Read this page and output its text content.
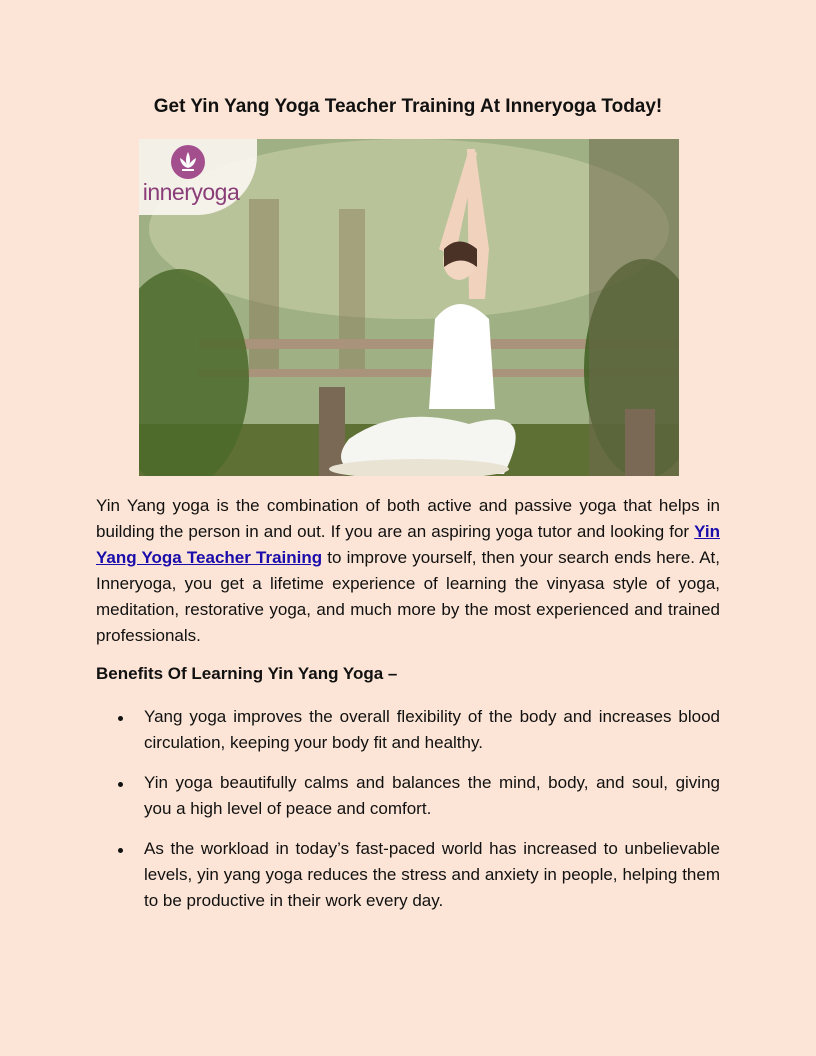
Get Yin Yang Yoga Teacher Training At Inneryoga Today!
inneryoga
Yin Yang yoga is the combination of both active and passive yoga that helps in building the person in and out. If you are an aspiring yoga tutor and looking for Yin Yang Yoga Teacher Training to improve yourself, then your search ends here. At, Inneryoga, you get a lifetime experience of learning the vinyasa style of yoga, meditation, restorative yoga, and much more by the most experienced and trained professionals.
Benefits Of Learning Yin Yang Yoga –
Yang yoga improves the overall flexibility of the body and increases blood circulation, keeping your body fit and healthy.
Yin yoga beautifully calms and balances the mind, body, and soul, giving you a high level of peace and comfort.
As the workload in today’s fast-paced world has increased to unbelievable levels, yin yang yoga reduces the stress and anxiety in people, helping them to be productive in their work every day.
